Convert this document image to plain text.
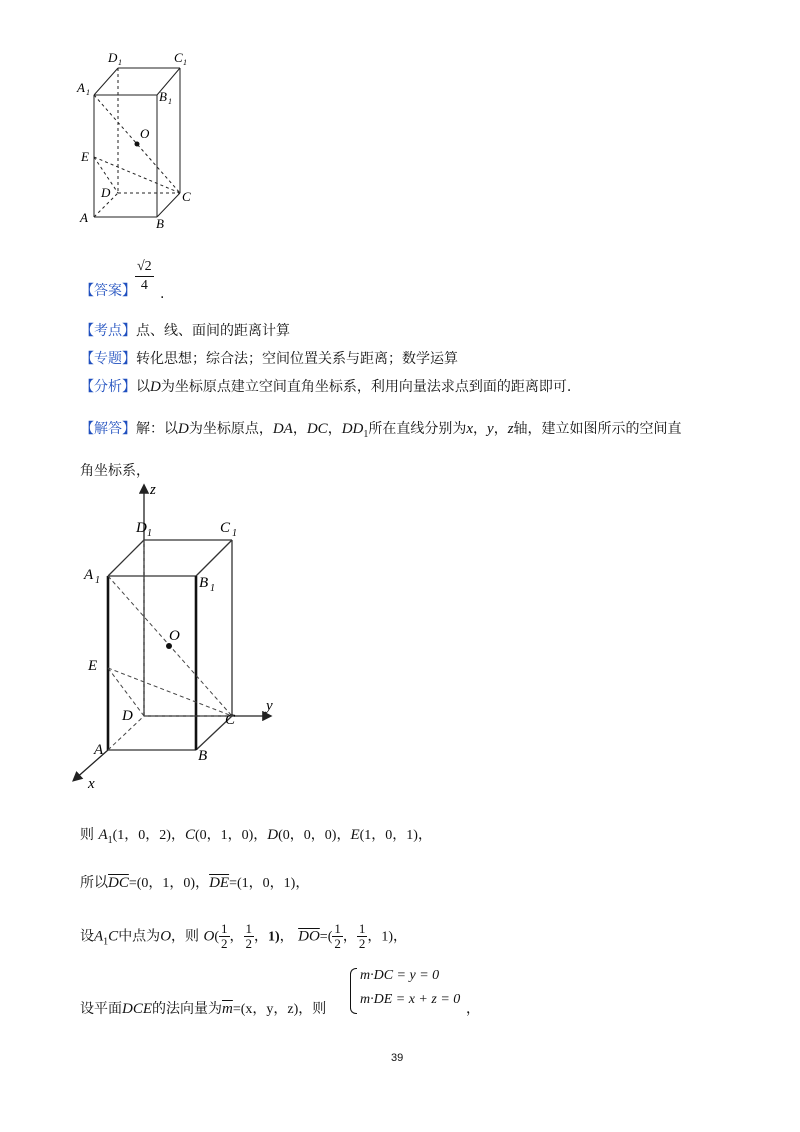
D 1	C 1
A 1	B 1
O
E
D	C
A	B
【答案】 $\frac{√2}{4}$ .
【考点】点、线、面间的距离计算
【专题】转化思想；综合法；空间位置关系与距离；数学运算
【分析】以D为坐标原点建立空间直角坐标系，利用向量法求点到面的距离即可.
【解答】解：以D为坐标原点，DA，DC，$DD_1$所在直线分别为x，y，z轴，建立如图所示的空间直
角坐标系，
z
y
x
D 1	C 1
A 1	B 1
O
E
D	C
A	B
则 $A_1(1$，0，2)，C(0，1，0)，D(0，0，0)，E(1，0，1)，
所以$\overline{DC}=(0$，1，0)，$\overline{DE}=(1$，0，1)，
设$A_1C$中点为O，则 $O( \frac{1}{2}$ ， $\frac{1}{2}$ ，1)， $\overline{DO}=( \frac{1}{2}$ ， $\frac{1}{2}$ ，1)，
设平面DCE的法向量为$\overline{m}=(x$，y，z)，则
m·DC = y = 0
m·DE = x + z = 0
，
39
